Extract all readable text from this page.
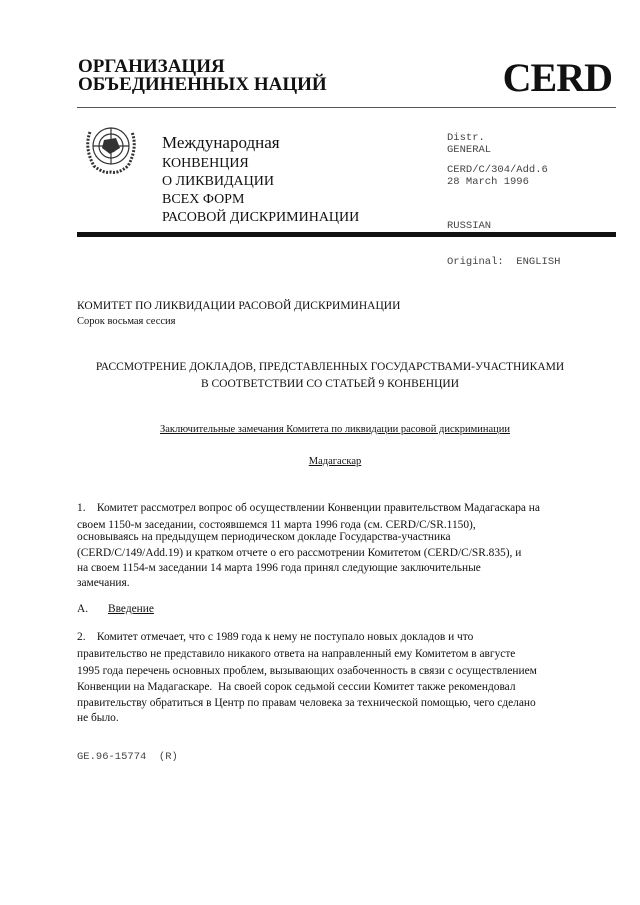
ОРГАНИЗАЦИЯ
ОБЪЕДИНЕННЫХ НАЦИЙ	CERD
Международная
КОНВЕНЦИЯ
О ЛИКВИДАЦИИ
ВСЕХ ФОРМ
РАСОВОЙ ДИСКРИМИНАЦИИ
Distr.
GENERAL
CERD/C/304/Add.6
28 March 1996

RUSSIAN

Original:  ENGLISH

КОМИТЕТ ПО ЛИКВИДАЦИИ РАСОВОЙ ДИСКРИМИНАЦИИ
Сорок восьмая сессия
РАССМОТРЕНИЕ ДОКЛАДОВ, ПРЕДСТАВЛЕННЫХ ГОСУДАРСТВАМИ-УЧАСТНИКАМИ
В СООТВЕТСТВИИ СО СТАТЬЕЙ 9 КОНВЕНЦИИ
Заключительные замечания Комитета по ликвидации расовой дискриминации
Мадагаскар
1.    Комитет рассмотрел вопрос об осуществлении Конвенции правительством Мадагаскара на
своем 1150-м заседании, состоявшемся 11 марта 1996 года (см. CERD/C/SR.1150),
основываясь на предыдущем периодическом докладе Государства-участника
(CERD/C/149/Add.19) и кратком отчете о его рассмотрении Комитетом (CERD/C/SR.835), и
на своем 1154-м заседании 14 марта 1996 года принял следующие заключительные
замечания.
A. Введение
2.    Комитет отмечает, что с 1989 года к нему не поступало новых докладов и что
правительство не представило никакого ответа на направленный ему Комитетом в августе
1995 года перечень основных проблем, вызывающих озабоченность в связи с осуществлением
Конвенции на Мадагаскаре.  На своей сорок седьмой сессии Комитет также рекомендовал
правительству обратиться в Центр по правам человека за технической помощью, чего сделано
не было.
GE.96-15774  (R)
